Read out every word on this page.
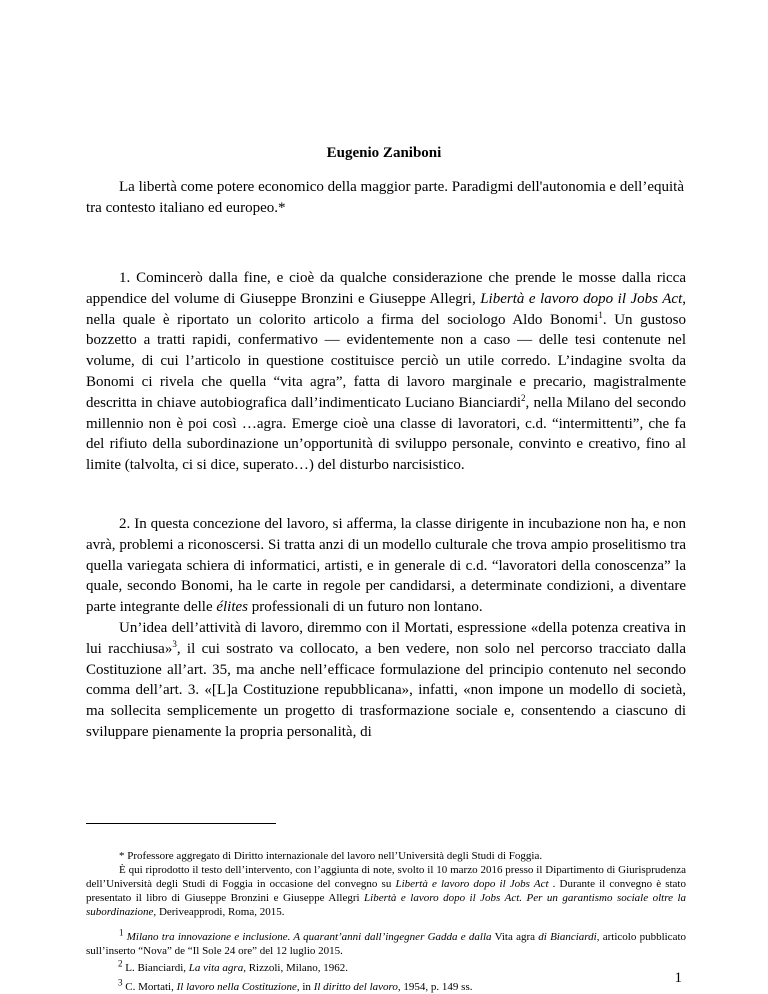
Eugenio Zaniboni
La libertà come potere economico della maggior parte. Paradigmi dell'autonomia e dell’equità tra contesto italiano ed europeo.*
1. Comincerò dalla fine, e cioè da qualche considerazione che prende le mosse dalla ricca appendice del volume di Giuseppe Bronzini e Giuseppe Allegri, Libertà e lavoro dopo il Jobs Act, nella quale è riportato un colorito articolo a firma del sociologo Aldo Bonomi$^1$. Un gustoso bozzetto a tratti rapidi, confermativo — evidentemente non a caso — delle tesi contenute nel volume, di cui l’articolo in questione costituisce perciò un utile corredo. L’indagine svolta da Bonomi ci rivela che quella “vita agra”, fatta di lavoro marginale e precario, magistralmente descritta in chiave autobiografica dall’indimenticato Luciano Bianciardi$^2$, nella Milano del secondo millennio non è poi così …agra. Emerge cioè una classe di lavoratori, c.d. “intermittenti”, che fa del rifiuto della subordinazione un’opportunità di sviluppo personale, convinto e creativo, fino al limite (talvolta, ci si dice, superato…) del disturbo narcisistico.
2. In questa concezione del lavoro, si afferma, la classe dirigente in incubazione non ha, e non avrà, problemi a riconoscersi. Si tratta anzi di un modello culturale che trova ampio proselitismo tra quella variegata schiera di informatici, artisti, e in generale di c.d. “lavoratori della conoscenza” la quale, secondo Bonomi, ha le carte in regole per candidarsi, a determinate condizioni, a diventare parte integrante delle élites professionali di un futuro non lontano.
Un’idea dell’attività di lavoro, diremmo con il Mortati, espressione «della potenza creativa in lui racchiusa»$^3$, il cui sostrato va collocato, a ben vedere, non solo nel percorso tracciato dalla Costituzione all’art. 35, ma anche nell’efficace formulazione del principio contenuto nel secondo comma dell’art. 3. «[L]a Costituzione repubblicana», infatti, «non impone un modello di società, ma sollecita semplicemente un progetto di trasformazione sociale e, consentendo a ciascuno di sviluppare pienamente la propria personalità, di
* Professore aggregato di Diritto internazionale del lavoro nell’Università degli Studi di Foggia.
È qui riprodotto il testo dell’intervento, con l’aggiunta di note, svolto il 10 marzo 2016 presso il Dipartimento di Giurisprudenza dell’Università degli Studi di Foggia in occasione del convegno su Libertà e lavoro dopo il Jobs Act . Durante il convegno è stato presentato il libro di Giuseppe Bronzini e Giuseppe Allegri Libertà e lavoro dopo il Jobs Act. Per un garantismo sociale oltre la subordinazione, Deriveapprodi, Roma, 2015.
$^1$ Milano tra innovazione e inclusione. A quarant’anni dall’ingegner Gadda e dalla Vita agra di Bianciardi, articolo pubblicato sull’inserto “Nova” de “Il Sole 24 ore” del 12 luglio 2015.
$^2$ L. Bianciardi, La vita agra, Rizzoli, Milano, 1962.
$^3$ C. Mortati, Il lavoro nella Costituzione, in Il diritto del lavoro, 1954, p. 149 ss.
1
